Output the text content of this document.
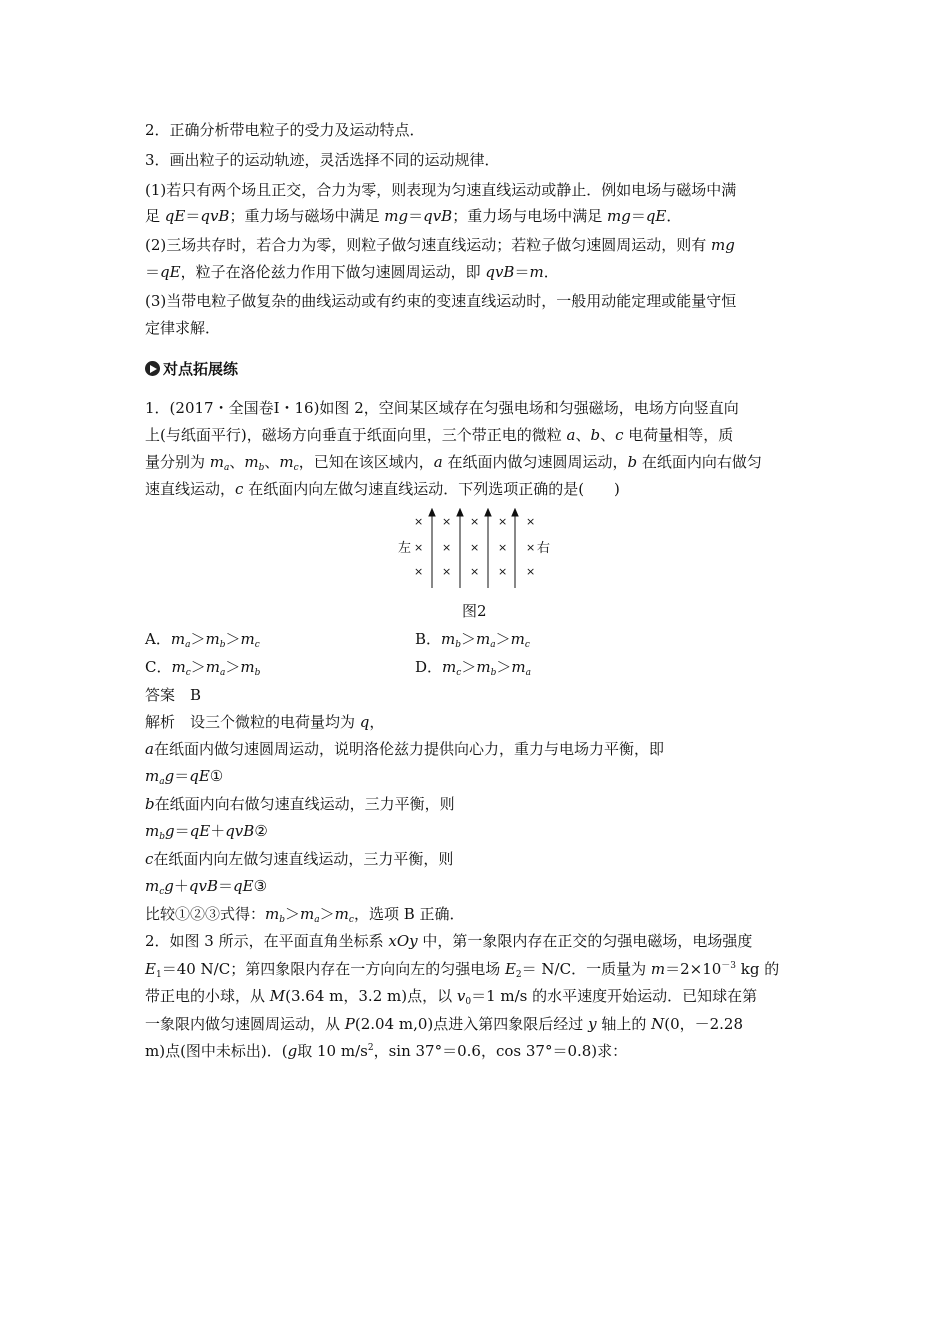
2．正确分析带电粒子的受力及运动特点．
3．画出粒子的运动轨迹，灵活选择不同的运动规律．
(1)若只有两个场且正交，合力为零，则表现为匀速直线运动或静止．例如电场与磁场中满
足 qE＝qvB；重力场与磁场中满足 mg＝qvB；重力场与电场中满足 mg＝qE．
(2)三场共存时，若合力为零，则粒子做匀速直线运动；若粒子做匀速圆周运动，则有 mg
＝qE，粒子在洛伦兹力作用下做匀速圆周运动，即 qvB＝m．
(3)当带电粒子做复杂的曲线运动或有约束的变速直线运动时，一般用动能定理或能量守恒
定律求解．
对点拓展练
1．(2017・全国卷Ⅰ・16)如图 2，空间某区域存在匀强电场和匀强磁场，电场方向竖直向
上(与纸面平行)，磁场方向垂直于纸面向里，三个带正电的微粒 a、b、c 电荷量相等，质
量分别为 $m_a$、$m_b$、$m_c$，已知在该区域内，a 在纸面内做匀速圆周运动，b 在纸面内向右做匀
速直线运动，c 在纸面内向左做匀速直线运动．下列选项正确的是(　　)
× × × × ×
左 × × × × × 右
× × × × ×
图2
A．$m_a>m_b>m_c$	B．$m_b>m_a>m_c$
C．$m_c>m_a>m_b$	D．$m_c>m_b>m_a$
答案　B
解析　设三个微粒的电荷量均为 q，
a在纸面内做匀速圆周运动，说明洛伦兹力提供向心力，重力与电场力平衡，即
$m_ag=qE①$
b在纸面内向右做匀速直线运动，三力平衡，则
$m_bg=qE+qvB②$
c在纸面内向左做匀速直线运动，三力平衡，则
$m_cg+qvB=qE③$
比较①②③式得：$m_b>m_a>m_c$，选项 B 正确．
2．如图 3 所示，在平面直角坐标系 xOy 中，第一象限内存在正交的匀强电磁场，电场强度
$E_1=40$ N/C；第四象限内存在一方向向左的匀强电场 $E_2= N/C$．一质量为 $m=2\times 10^{-3}$ kg 的
带正电的小球，从 M(3.64 m，3.2 m)点，以 $v_0=1$ m/s 的水平速度开始运动．已知球在第
一象限内做匀速圆周运动，从 P(2.04 m,0)点进入第四象限后经过 y 轴上的 N(0，－2.28
m)点(图中未标出)．(g取 10 $m/s^2$，sin 37°＝0.6，cos 37°＝0.8)求：
